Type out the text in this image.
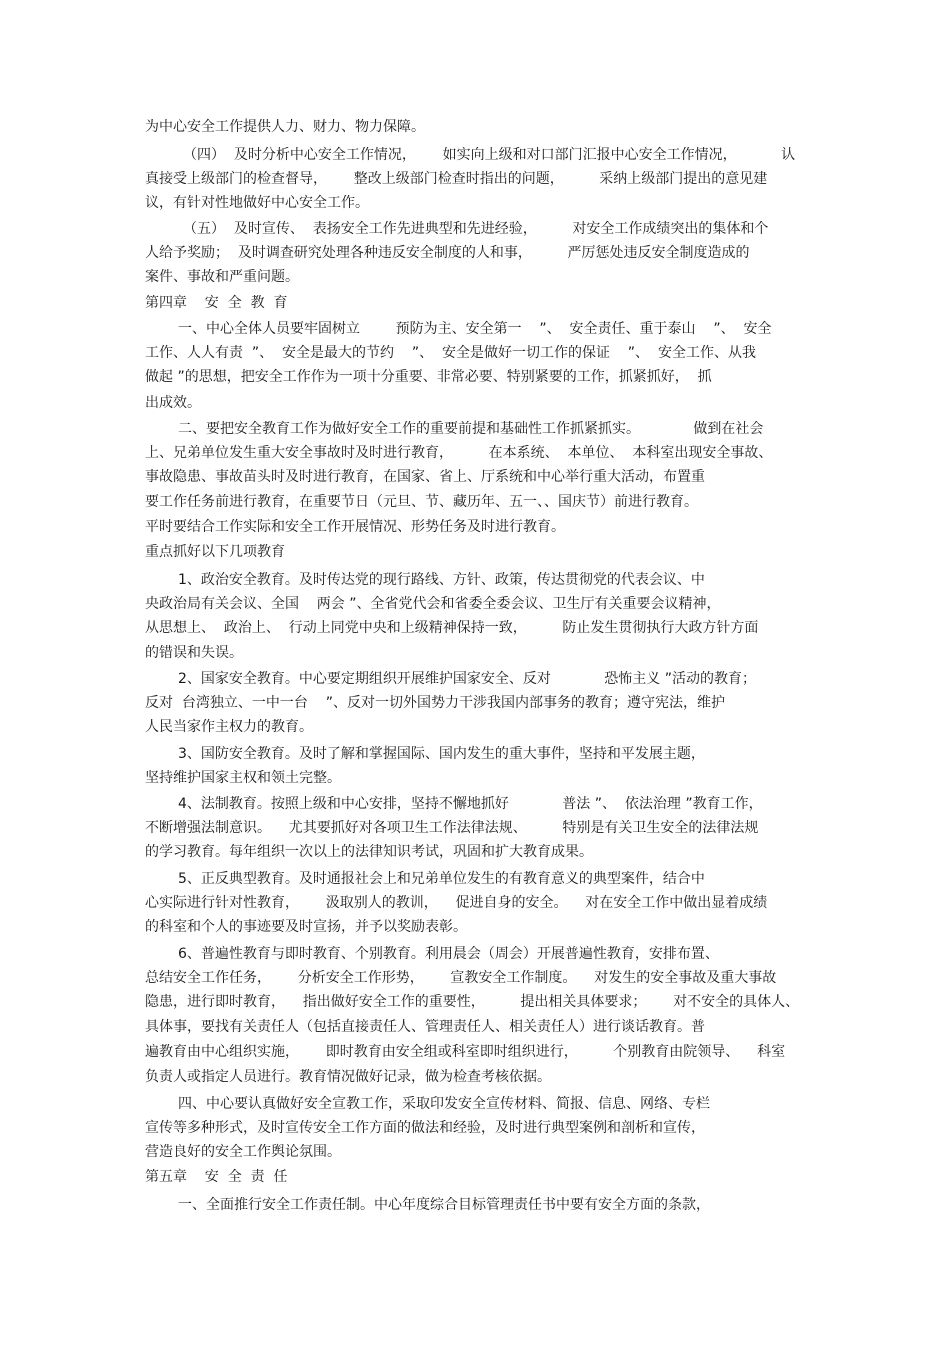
为中心安全工作提供人力、财力、物力保障。
（四）  及时分析中心安全工作情况，      如实向上级和对口部门汇报中心安全工作情况，          认
真接受上级部门的检查督导，      整改上级部门检查时指出的问题，        采纳上级部门提出的意见建
议，有针对性地做好中心安全工作。
（五）  及时宣传、  表扬安全工作先进典型和先进经验，        对安全工作成绩突出的集体和个
人给予奖励；  及时调查研究处理各种违反安全制度的人和事，        严厉惩处违反安全制度造成的
案件、事故和严重问题。
第四章    安  全  教  育
一、中心全体人员要牢固树立        预防为主、安全第一    ”、  安全责任、重于泰山    ”、  安全
工作、人人有责  ”、  安全是最大的节约    ”、  安全是做好一切工作的保证    ”、  安全工作、从我
做起 ”的思想，把安全工作作为一项十分重要、非常必要、特别紧要的工作，抓紧抓好，  抓
出成效。
二、要把安全教育工作为做好安全工作的重要前提和基础性工作抓紧抓实。            做到在社会
上、兄弟单位发生重大安全事故时及时进行教育，        在本系统、  本单位、  本科室出现安全事故、
事故隐患、事故苗头时及时进行教育，在国家、省上、厅系统和中心举行重大活动，布置重
要工作任务前进行教育，在重要节日（元旦、节、藏历年、五一、、国庆节）前进行教育。
平时要结合工作实际和安全工作开展情况、形势任务及时进行教育。
重点抓好以下几项教育
1、政治安全教育。及时传达党的现行路线、方针、政策，传达贯彻党的代表会议、中
央政治局有关会议、全国    两会 ”、全省党代会和省委全委会议、卫生厅有关重要会议精神，
从思想上、  政治上、  行动上同党中央和上级精神保持一致，        防止发生贯彻执行大政方针方面
的错误和失误。
2、国家安全教育。中心要定期组织开展维护国家安全、反对            恐怖主义 ”活动的教育；
反对  台湾独立、一中一台    ”、反对一切外国势力干涉我国内部事务的教育；遵守宪法，维护
人民当家作主权力的教育。
3、国防安全教育。及时了解和掌握国际、国内发生的重大事件，坚持和平发展主题，
坚持维护国家主权和领土完整。
4、法制教育。按照上级和中心安排，坚持不懈地抓好            普法 ”、  依法治理 ”教育工作，
不断增强法制意识。    尤其要抓好对各项卫生工作法律法规、        特别是有关卫生安全的法律法规
的学习教育。每年组织一次以上的法律知识考试，巩固和扩大教育成果。
5、正反典型教育。及时通报社会上和兄弟单位发生的有教育意义的典型案件，结合中
心实际进行针对性教育，      汲取别人的教训，    促进自身的安全。    对在安全工作中做出显着成绩
的科室和个人的事迹要及时宣扬，并予以奖励表彰。
6、普遍性教育与即时教育、个别教育。利用晨会（周会）开展普遍性教育，安排布置、
总结安全工作任务，      分析安全工作形势，      宣教安全工作制度。    对发生的安全事故及重大事故
隐患，进行即时教育，    指出做好安全工作的重要性，        提出相关具体要求；      对不安全的具体人、
具体事，要找有关责任人（包括直接责任人、管理责任人、相关责任人）进行谈话教育。普
遍教育由中心组织实施，      即时教育由安全组或科室即时组织进行，        个别教育由院领导、    科室
负责人或指定人员进行。教育情况做好记录，做为检查考核依据。
四、中心要认真做好安全宣教工作，采取印发安全宣传材料、简报、信息、网络、专栏
宣传等多种形式，及时宣传安全工作方面的做法和经验，及时进行典型案例和剖析和宣传，
营造良好的安全工作舆论氛围。
第五章    安  全  责  任
一、全面推行安全工作责任制。中心年度综合目标管理责任书中要有安全方面的条款，
